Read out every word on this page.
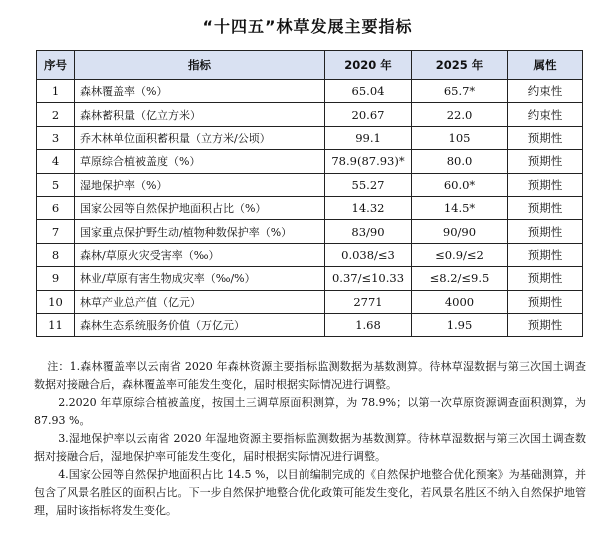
“十四五”林草发展主要指标
序号	指标	2020 年	2025 年	属性
1	森林覆盖率（%）	65.04	65.7*	约束性
2	森林蓄积量（亿立方米）	20.67	22.0	约束性
3	乔木林单位面积蓄积量（立方米/公顷）	99.1	105	预期性
4	草原综合植被盖度（%）	78.9(87.93)*	80.0	预期性
5	湿地保护率（%）	55.27	60.0*	预期性
6	国家公园等自然保护地面积占比（%）	14.32	14.5*	预期性
7	国家重点保护野生动/植物种数保护率（%）	83/90	90/90	预期性
8	森林/草原火灾受害率（‰）	0.038/≤3	≤0.9/≤2	预期性
9	林业/草原有害生物成灾率（‰/%）	0.37/≤10.33	≤8.2/≤9.5	预期性
10	林草产业总产值（亿元）	2771	4000	预期性
11	森林生态系统服务价值（万亿元）	1.68	1.95	预期性

注：1.森林覆盖率以云南省 2020 年森林资源主要指标监测数据为基数测算。待林草湿数据与第三次国土调查数据对接融合后，森林覆盖率可能发生变化，届时根据实际情况进行调整。

2.2020 年草原综合植被盖度，按国土三调草原面积测算，为 78.9%；以第一次草原资源调查面积测算，为 87.93 %。

3.湿地保护率以云南省 2020 年湿地资源主要指标监测数据为基数测算。待林草湿数据与第三次国土调查数据对接融合后，湿地保护率可能发生变化，届时根据实际情况进行调整。

4.国家公园等自然保护地面积占比 14.5 %，以目前编制完成的《自然保护地整合优化预案》为基础测算，并包含了风景名胜区的面积占比。下一步自然保护地整合优化政策可能发生变化，若风景名胜区不纳入自然保护地管理，届时该指标将发生变化。
